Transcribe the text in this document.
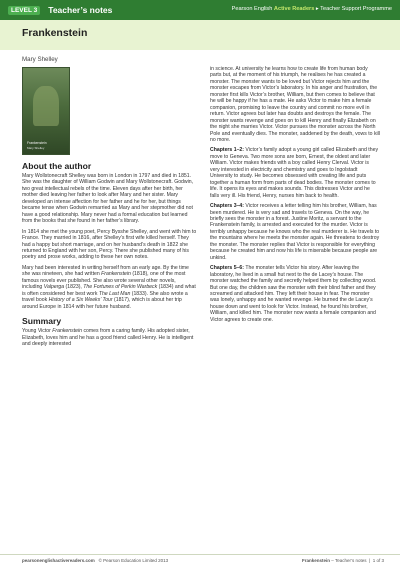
LEVEL 3	Teacher’s notes	Pearson English Active Readers ▸ Teacher Support Programme
Frankenstein
Mary Shelley
Frankenstein
Mary Shelley
About the author

Mary Wollstonecraft Shelley was born in London in 1797 and died in 1851. She was the daughter of William Godwin and Mary Wollstonecraft. Godwin, two great intellectual rebels of the time. Eleven days after her birth, her mother died leaving her father to look after Mary and her sister. Mary developed an intense affection for her father and he for her, but things became tense when Godwin remarried as Mary and her stepmother did not have a good relationship. Mary never had a formal education but learned from the books that she found in her father’s library.

In 1814 she met the young poet, Percy Bysshe Shelley, and went with him to France. They married in 1816, after Shelley’s first wife killed herself. They had a happy but short marriage, and on her husband’s death in 1822 she returned to England with her son, Percy. There she published many of his poetry and prose works, adding to these her own notes.

Mary had been interested in writing herself from an early age. By the time she was nineteen, she had written Frankenstein (1818), one of the most famous novels ever published. She also wrote several other novels, including Valperga (1823), The Fortunes of Perkin Warbeck (1834) and what is often considered her best work The Last Man (1833). She also wrote a travel book History of a Six Weeks’ Tour (1817), which is about her trip around Europe in 1814 with her future husband.

Summary

Young Victor Frankenstein comes from a caring family. His adopted sister, Elizabeth, loves him and he has a good friend called Henry. He is intelligent and deeply interested

in science. At university he learns how to create life from human body parts but, at the moment of his triumph, he realises he has created a monster. The monster wants to be loved but Victor rejects him and the monster escapes from Victor’s laboratory. In his anger and frustration, the monster first kills Victor’s brother, William, but then comes to believe that he will be happy if he has a mate. He asks Victor to make him a female companion, promising to leave the country and commit no more evil in return. Victor agrees but later has doubts and destroys the female. The monster wants revenge and goes on to kill Henry and finally Elizabeth on the night she marries Victor. Victor pursues the monster across the North Pole and eventually dies. The monster, saddened by the death, vows to kill no more.

Chapters 1–2: Victor’s family adopt a young girl called Elizabeth and they move to Geneva. Two more sons are born, Ernest, the oldest and later William. Victor makes friends with a boy called Henry Clerval. Victor is very interested in electricity and chemistry and goes to Ingolstadt University to study. He becomes obsessed with creating life and puts together a human form from parts of dead bodies. The monster comes to life. It opens its eyes and makes sounds. This distresses Victor and he falls very ill. His friend, Henry, nurses him back to health.

Chapters 3–4: Victor receives a letter telling him his brother, William, has been murdered. He is very sad and travels to Geneva. On the way, he briefly sees the monster in a forest. Justine Moritz, a servant to the Frankenstein family, is arrested and executed for the murder. Victor is terribly unhappy because he knows who the real murderer is. He travels to the mountains where he meets the monster again. He threatens to destroy the monster. The monster replies that Victor is responsible for everything because he created him and now his life is miserable because people are unkind.

Chapters 5–6: The monster tells Victor his story. After leaving the laboratory, he lived in a small hut next to the de Lacey’s house. The monster watched the family and secretly helped them by collecting wood. But one day, the children saw the monster with their blind father and they screamed and attacked him. They left their house in fear. The monster was lonely, unhappy and he wanted revenge. He burned the de Lacey’s house down and went to look for Victor. Instead, he found his brother, William, and killed him. The monster now wants a female companion and Victor agrees to create one.

pearsonenglishactivereaders.com © Pearson Education Limited 2013	Frankenstein – Teacher’s notes  |  1 of 3
